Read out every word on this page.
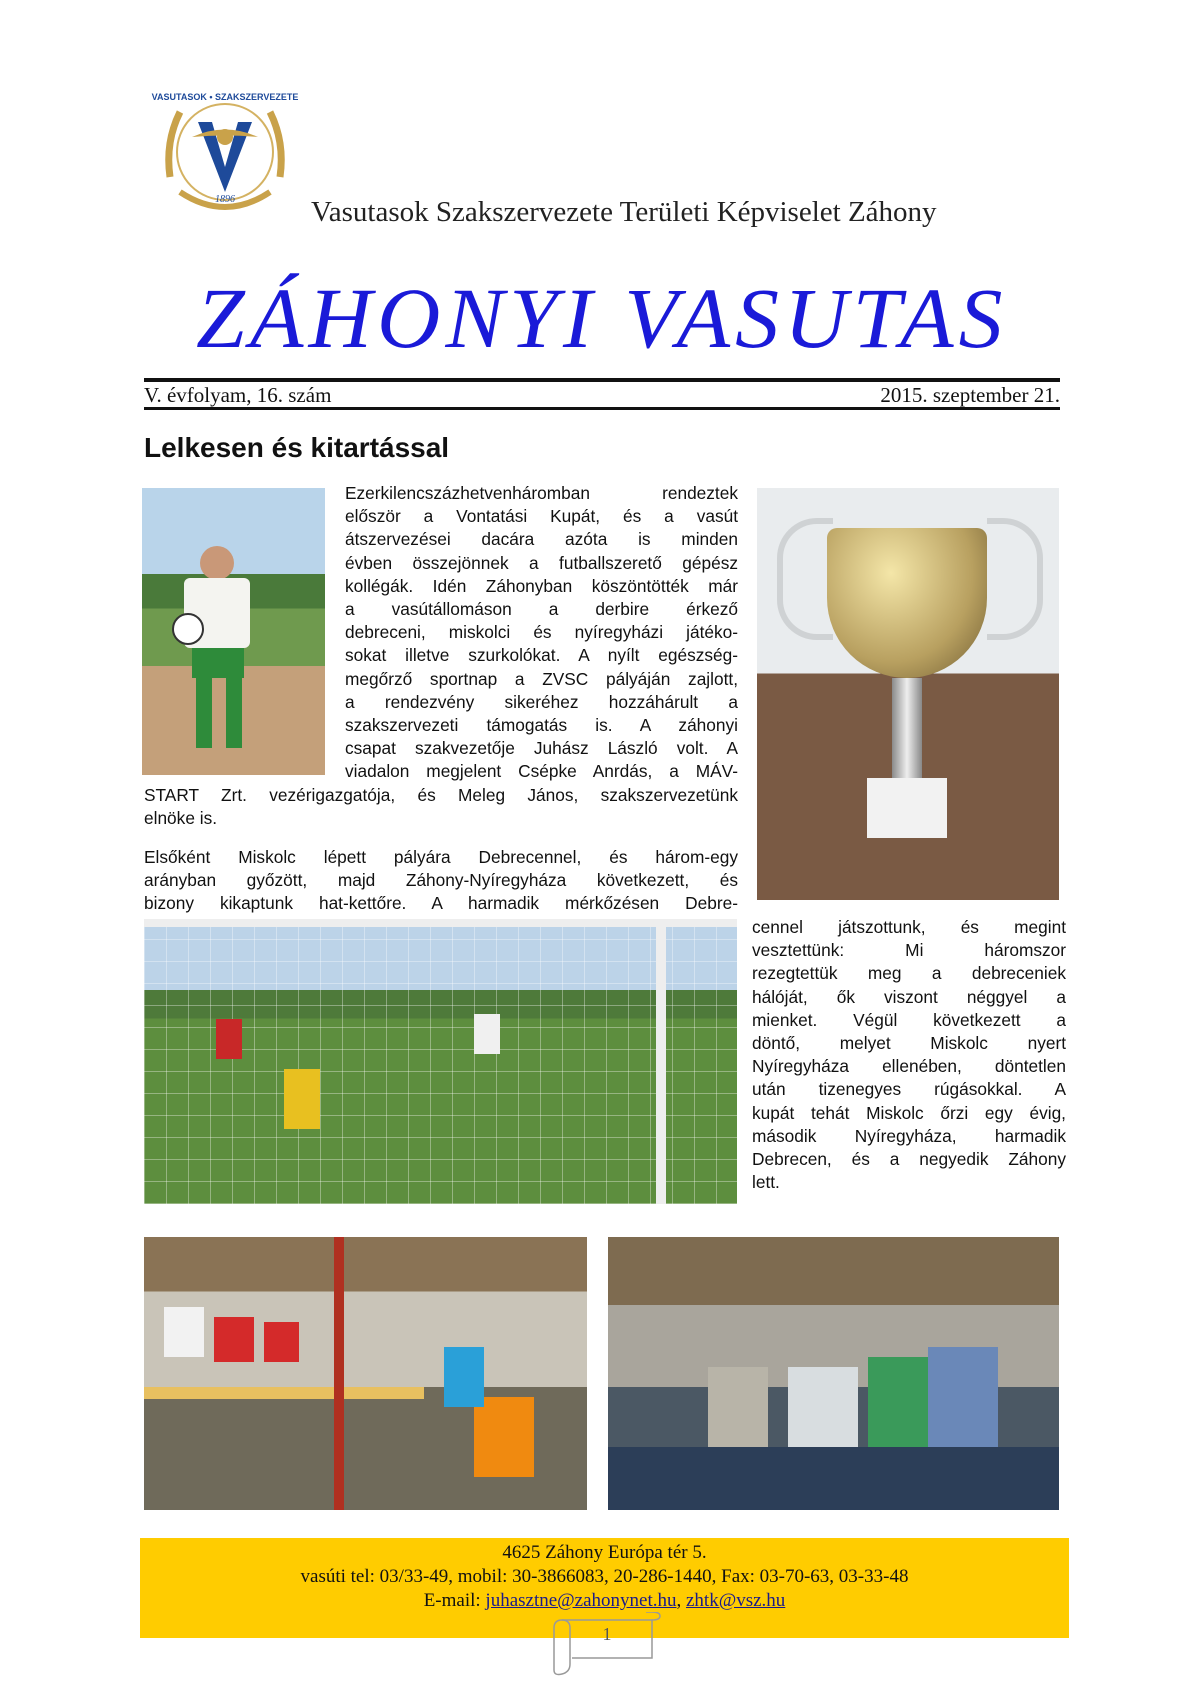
1896
VASUTASOK • SZAKSZERVEZETE
Vasutasok Szakszervezete Területi Képviselet Záhony
ZÁHONYI VASUTAS
V. évfolyam, 16. szám	2015. szeptember 21.
Lelkesen és kitartással
Ezerkilencszázhetvenháromban rendeztek
először a Vontatási Kupát, és a vasút
átszervezései dacára azóta is minden
évben összejönnek a futballszerető gépész
kollégák. Idén Záhonyban köszöntötték már
a vasútállomáson a derbire érkező
debreceni, miskolci és nyíregyházi játéko-
sokat illetve szurkolókat. A nyílt egészség-
megőrző sportnap a ZVSC pályáján zajlott,
a rendezvény sikeréhez hozzáhárult a
szakszervezeti támogatás is. A záhonyi
csapat szakvezetője Juhász László volt. A
viadalon megjelent Csépke Anrdás, a MÁV-
START Zrt. vezérigazgatója, és Meleg János, szakszervezetünk
elnöke is.
Elsőként Miskolc lépett pályára Debrecennel, és három-egy
arányban győzött, majd Záhony-Nyíregyháza következett, és
bizony kikaptunk hat-kettőre. A harmadik mérkőzésen Debre-
cennel játszottunk, és megint
vesztettünk: Mi háromszor
rezegtettük meg a debreceniek
hálóját, ők viszont néggyel a
mienket. Végül következett a
döntő, melyet Miskolc nyert
Nyíregyháza ellenében, döntetlen
után tizenegyes rúgásokkal. A
kupát tehát Miskolc őrzi egy évig,
második Nyíregyháza, harmadik
Debrecen, és a negyedik Záhony
lett.
4625 Záhony Európa tér 5.
vasúti tel: 03/33-49, mobil: 30-3866083, 20-286-1440, Fax: 03-70-63, 03-33-48
E-mail: juhasztne@zahonynet.hu, zhtk@vsz.hu
1
